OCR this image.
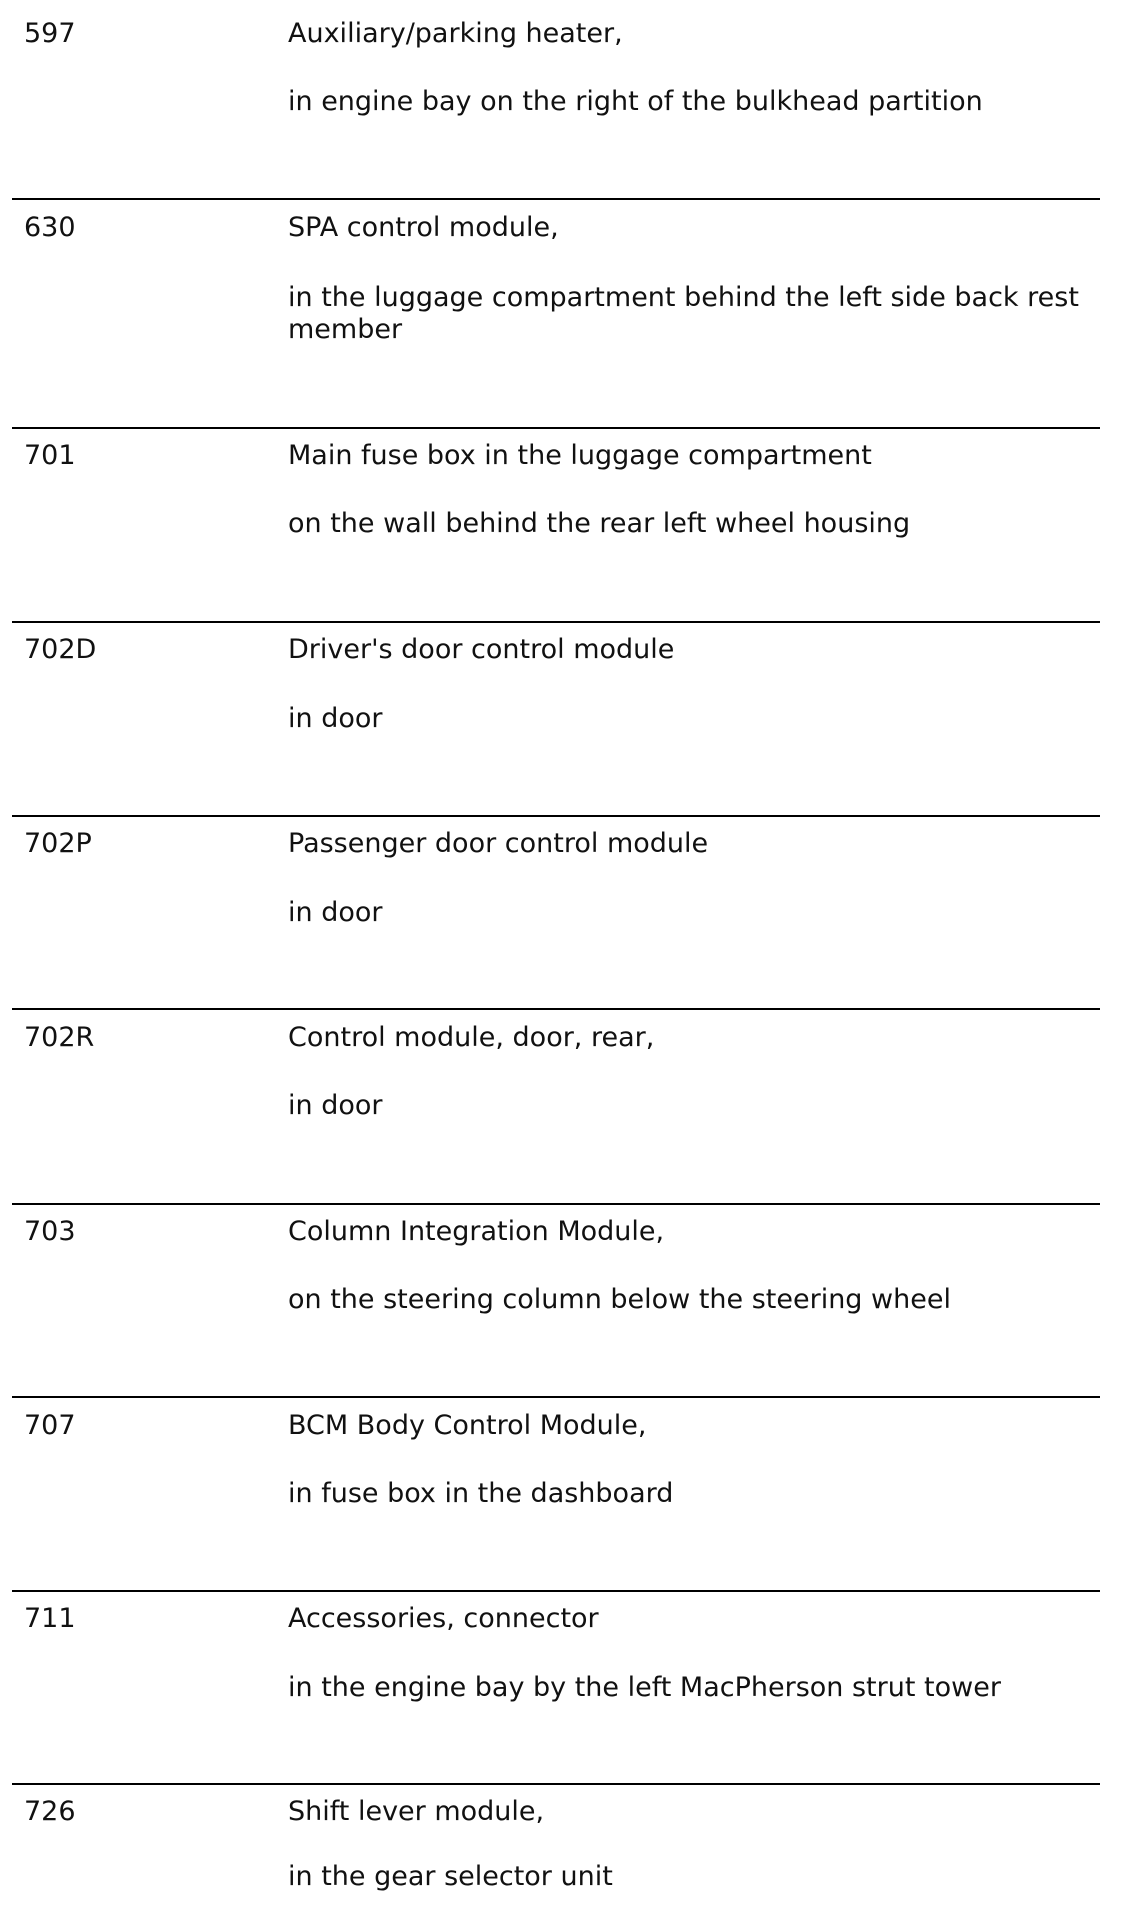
597	Auxiliary/parking heater,
in engine bay on the right of the bulkhead partition
630	SPA control module,
in the luggage compartment behind the left side back rest member
701	Main fuse box in the luggage compartment
on the wall behind the rear left wheel housing
702D	Driver's door control module
in door
702P	Passenger door control module
in door
702R	Control module, door, rear,
in door
703	Column Integration Module,
on the steering column below the steering wheel
707	BCM Body Control Module,
in fuse box in the dashboard
711	Accessories, connector
in the engine bay by the left MacPherson strut tower
726	Shift lever module,
in the gear selector unit
